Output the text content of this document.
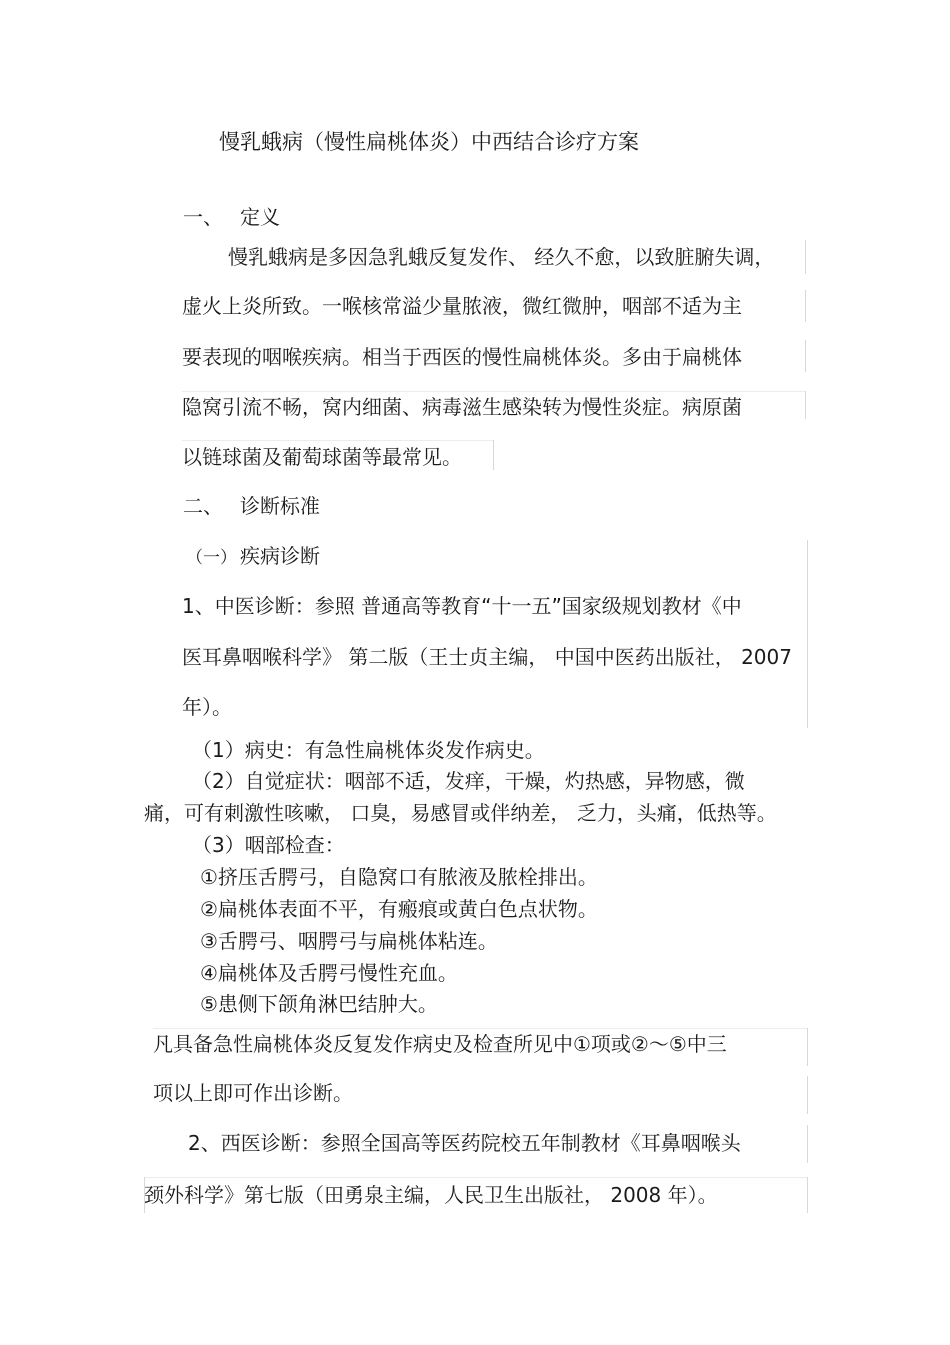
慢乳蛾病（慢性扁桃体炎）中西结合诊疗方案
一、 定义
慢乳蛾病是多因急乳蛾反复发作、 经久不愈，以致脏腑失调，
虚火上炎所致。一喉核常溢少量脓液，微红微肿，咽部不适为主
要表现的咽喉疾病。相当于西医的慢性扁桃体炎。多由于扁桃体
隐窝引流不畅，窝内细菌、病毒滋生感染转为慢性炎症。病原菌
以链球菌及葡萄球菌等最常见。
二、 诊断标准
（一） 疾病诊断
1、中医诊断：参照 普通高等教育“十一五”国家级规划教材《中
医耳鼻咽喉科学》 第二版（王士贞主编， 中国中医药出版社， 2007
年）。
（1）病史：有急性扁桃体炎发作病史。
（2）自觉症状：咽部不适，发痒，干燥，灼热感，异物感，微
痛，可有刺激性咳嗽， 口臭，易感冒或伴纳差， 乏力，头痛，低热等。
（3）咽部检查：
①挤压舌腭弓，自隐窝口有脓液及脓栓排出。
②扁桃体表面不平，有瘢痕或黄白色点状物。
③舌腭弓、咽腭弓与扁桃体粘连。
④扁桃体及舌腭弓慢性充血。
⑤患侧下颌角淋巴结肿大。
凡具备急性扁桃体炎反复发作病史及检查所见中①项或②～⑤中三
项以上即可作出诊断。
2、西医诊断：参照全国高等医药院校五年制教材《耳鼻咽喉头
颈外科学》第七版（田勇泉主编，人民卫生出版社， 2008 年）。
